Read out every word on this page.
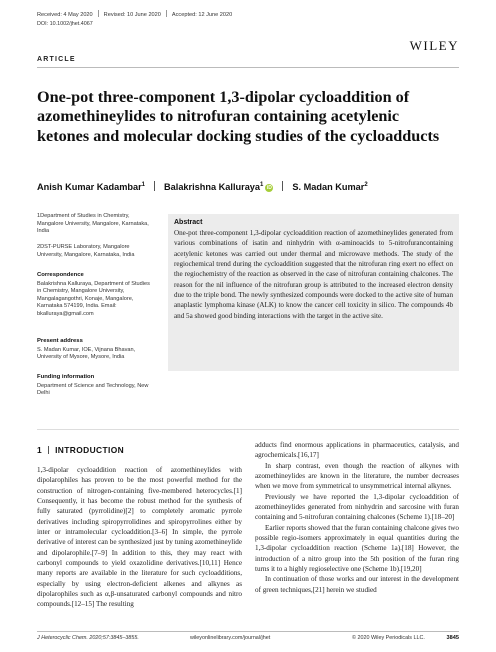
Received: 4 May 2020 Revised: 10 June 2020 Accepted: 12 June 2020
DOI: 10.1002/jhet.4067
WILEY
ARTICLE
One-pot three-component 1,3-dipolar cycloaddition of azomethineylides to nitrofuran containing acetylenic ketones and molecular docking studies of the cycloadducts
Anish Kumar Kadambar$^1$ Balakrishna Kalluraya$^1$iD S. Madan Kumar$^2$
1Department of Studies in Chemistry, Mangalore University, Mangalore, Karnataka, India
2DST-PURSE Laboratory, Mangalore University, Mangalore, Karnataka, India
Correspondence

Balakrishna Kalluraya, Department of Studies in Chemistry, Mangalore University, Mangalagangothri, Konaje, Mangalore, Karnataka 574199, India. Email: bkalluraya@gmail.com

Present address

S. Madan Kumar, IOE, Vijnana Bhavan, University of Mysore, Mysore, India

Funding information

Department of Science and Technology, New Delhi

Abstract
One-pot three-component 1,3-dipolar cycloaddition reaction of azomethineylides generated from various combinations of isatin and ninhydrin with α-aminoacids to 5-nitrofurancontaining acetylenic ketones was carried out under thermal and microwave methods. The study of the regiochemical trend during the cycloaddition suggested that the nitrofuran ring exert no effect on the regiochemistry of the reaction as observed in the case of nitrofuran containing chalcones. The reason for the nil influence of the nitrofuran group is attributed to the increased electron density due to the triple bond. The newly synthesized compounds were docked to the active site of human anaplastic lymphoma kinase (ALK) to know the cancer cell toxicity in silico. The compounds 4b and 5a showed good binding interactions with the target in the active site.
1 INTRODUCTION

1,3-dipolar cycloaddition reaction of azomethineylides with dipolarophiles has proven to be the most powerful method for the construction of nitrogen-containing five-membered heterocycles.[1] Consequently, it has become the robust method for the synthesis of fully saturated (pyrrolidine)[2] to completely aromatic pyrrole derivatives including spiropyrrolidines and spiropyrrolines either by inter or intramolecular cycloaddition.[3–6] In simple, the pyrrole derivative of interest can be synthesized just by tuning azomethineylide and dipolarophile.[7–9] In addition to this, they may react with carbonyl compounds to yield oxazolidine derivatives.[10,11] Hence many reports are available in the literature for such cycloadditions, especially by using electron-deficient alkenes and alkynes as dipolarophiles such as α,β-unsaturated carbonyl compounds and nitro compounds.[12–15] The resulting

adducts find enormous applications in pharmaceutics, catalysis, and agrochemicals.[16,17]

In sharp contrast, even though the reaction of alkynes with azomethineylides are known in the literature, the number decreases when we move from symmetrical to unsymmetrical internal alkynes.

Previously we have reported the 1,3-dipolar cycloaddition of azomethineylides generated from ninhydrin and sarcosine with furan containing and 5-nitrofuran containing chalcones (Scheme 1).[18–20]

Earlier reports showed that the furan containing chalcone gives two possible regio-isomers approximately in equal quantities during the 1,3-dipolar cycloaddition reaction (Scheme 1a).[18] However, the introduction of a nitro group into the 5th position of the furan ring turns it to a highly regioselective one (Scheme 1b).[19,20]

In continuation of those works and our interest in the development of green techniques,[21] herein we studied

J Heterocyclic Chem. 2020;57:3845–3855.	wileyonlinelibrary.com/journal/jhet	© 2020 Wiley Periodicals LLC.	3845
